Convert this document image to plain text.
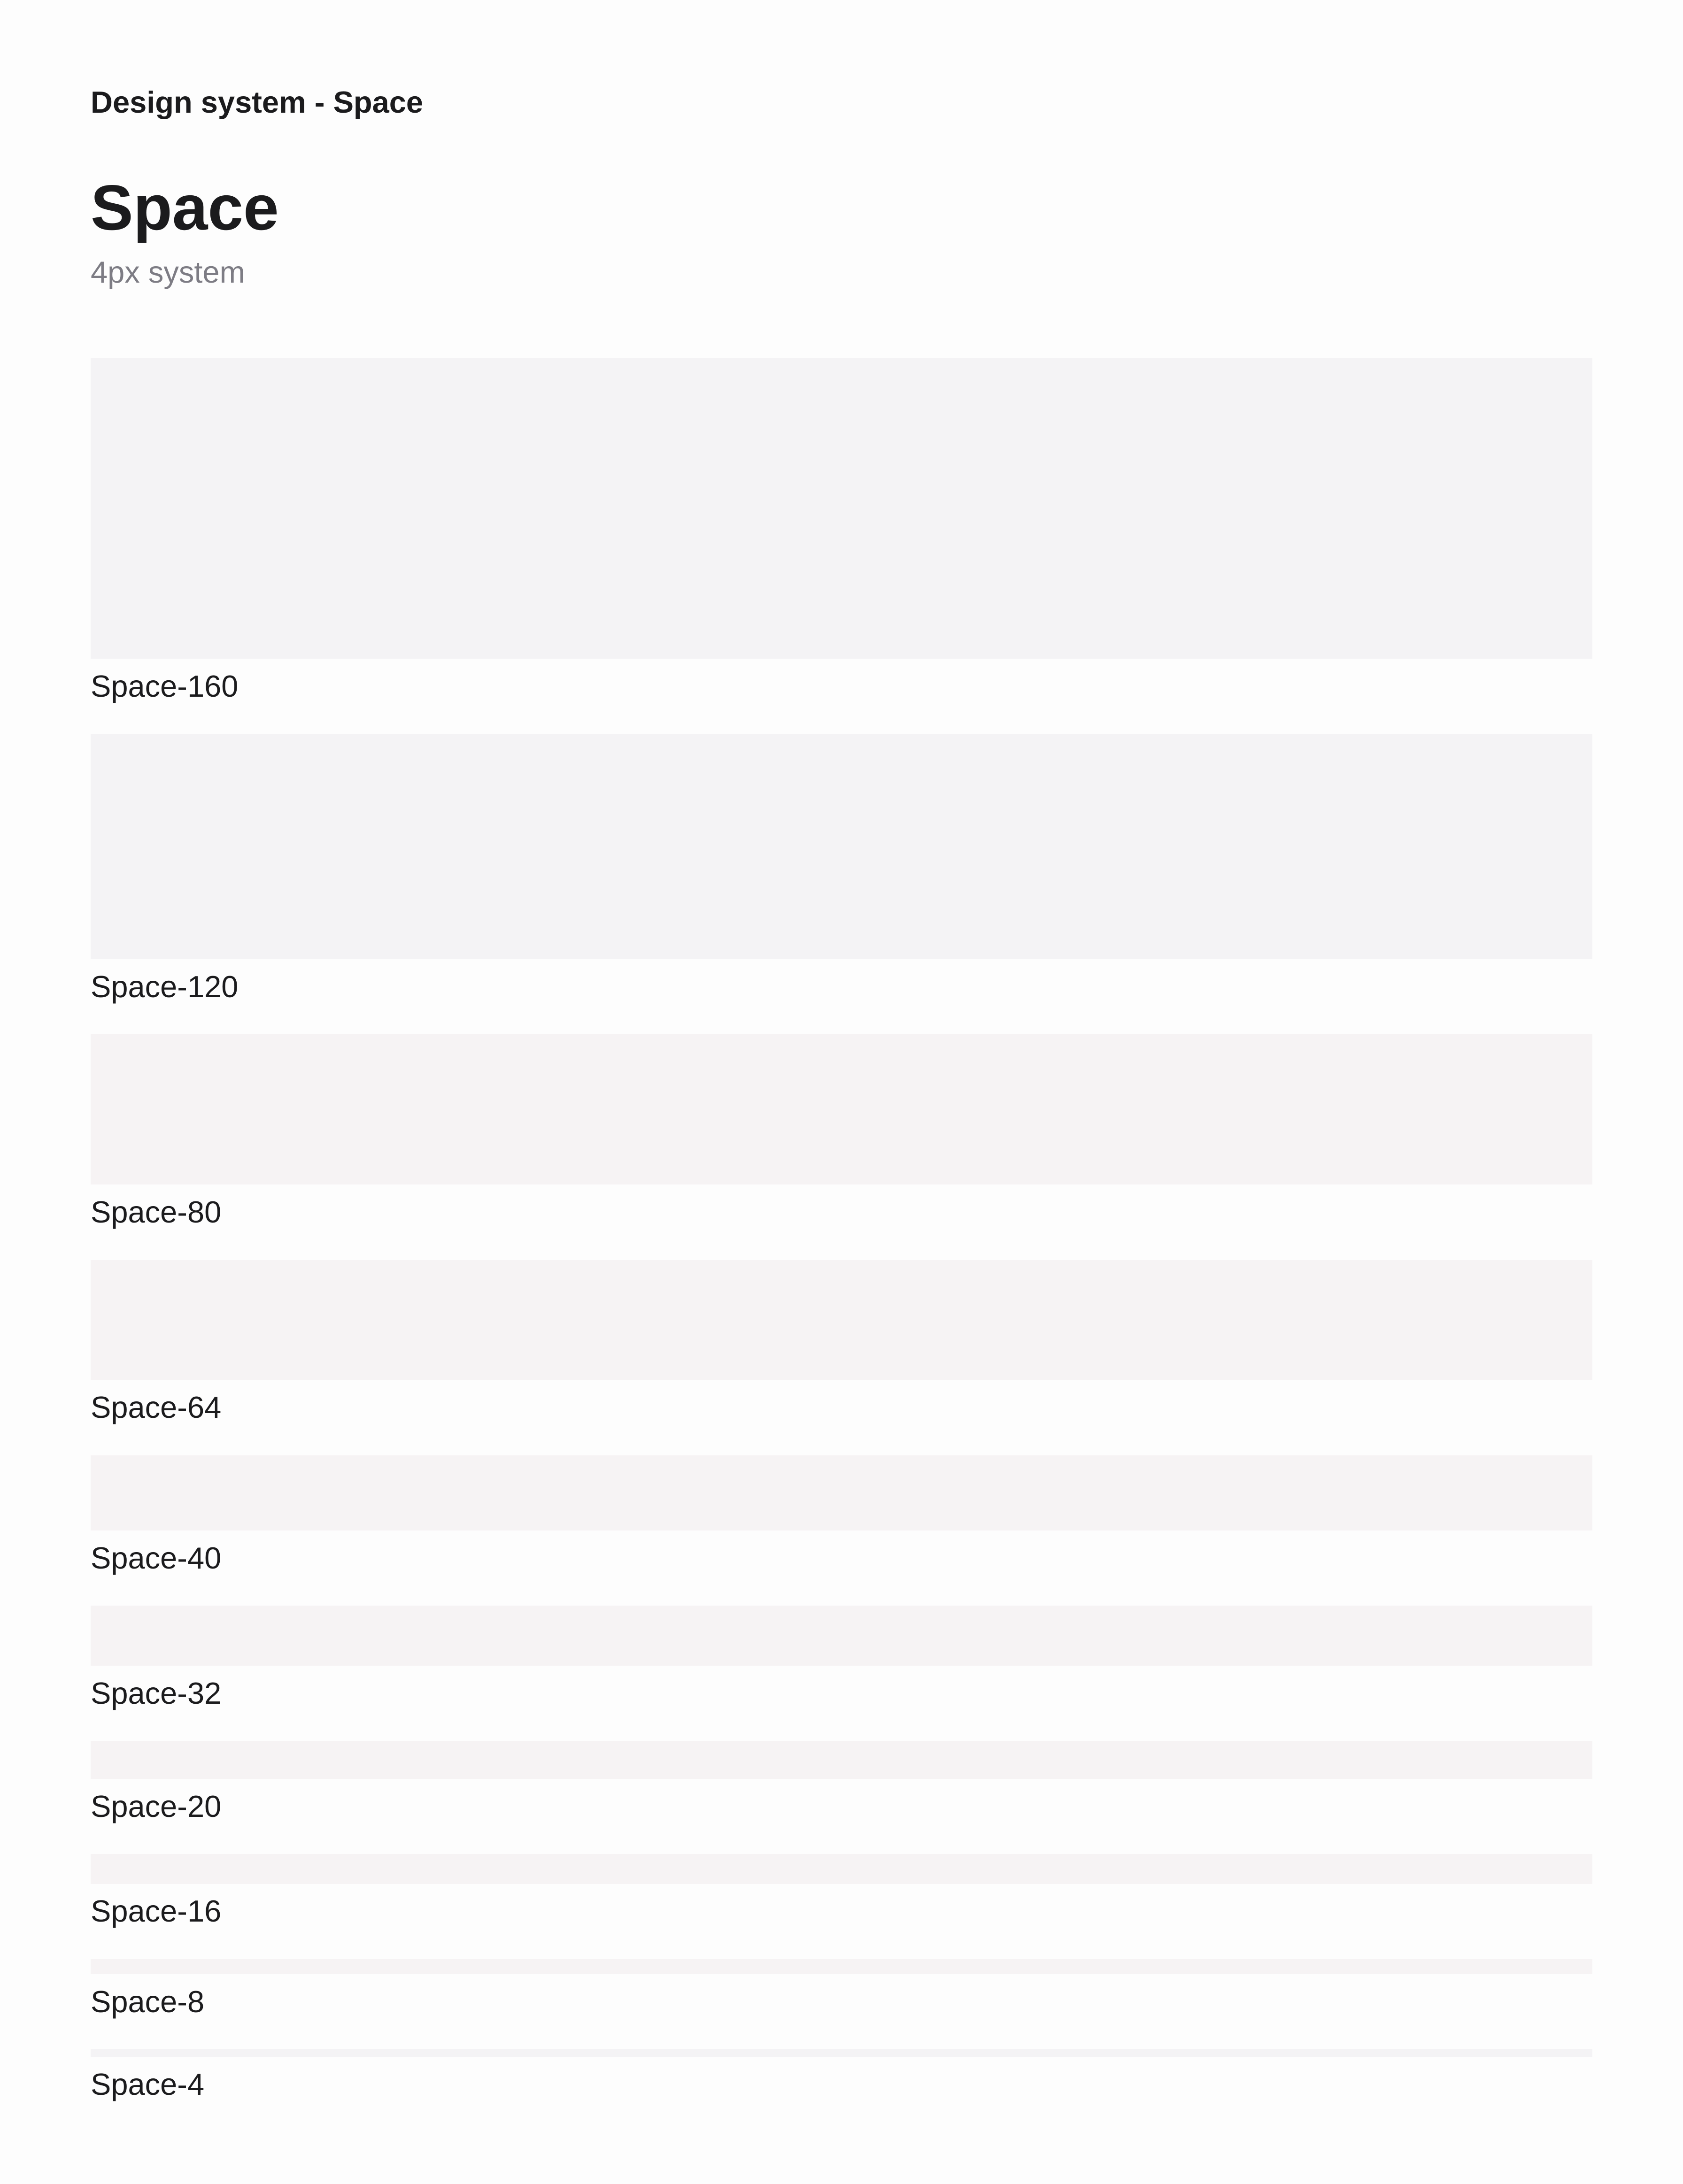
Design system - Space
Space
4px system
Space-160
Space-120
Space-80
Space-64
Space-40
Space-32
Space-20
Space-16
Space-8
Space-4
